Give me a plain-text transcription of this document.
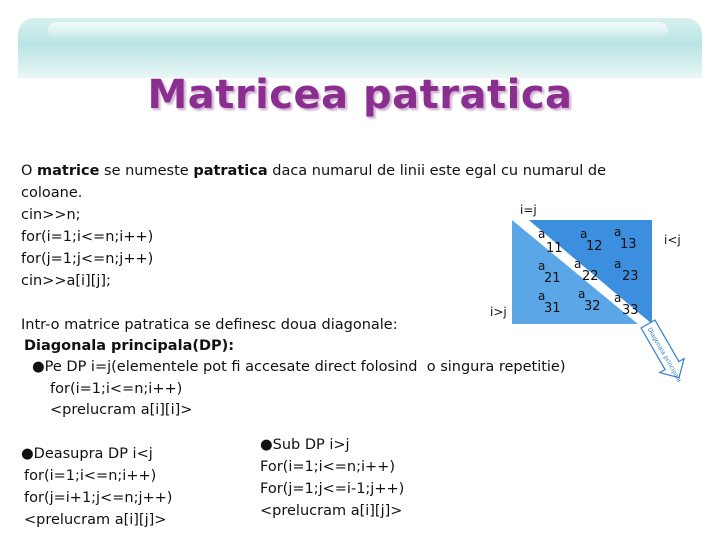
Matricea patratica
O matrice se numeste patratica daca numarul de linii este egal cu numarul de
coloane.
cin>>n;
for(i=1;i<=n;i++)
for(j=1;j<=n;j++)
cin>>a[i][j];
Intr-o matrice patratica se definesc doua diagonale:
Diagonala principala(DP):
●Pe DP i=j(elementele pot fi accesate direct folosind  o singura repetitie)
for(i=1;i<=n;i++)
<prelucram a[i][i]>
●Deasupra DP i<j
for(i=1;i<=n;i++)
for(j=i+1;j<=n;j++)
<prelucram a[i][j]>
●Sub DP i>j
For(i=1;i<=n;i++)
For(j=1;j<=i-1;j++)
<prelucram a[i][j]>
i=j
i<j
i>j
a
11
a
12
a
13
a
21
a
22
a
23
a
31
a
32
a
33
Diagonala principala
